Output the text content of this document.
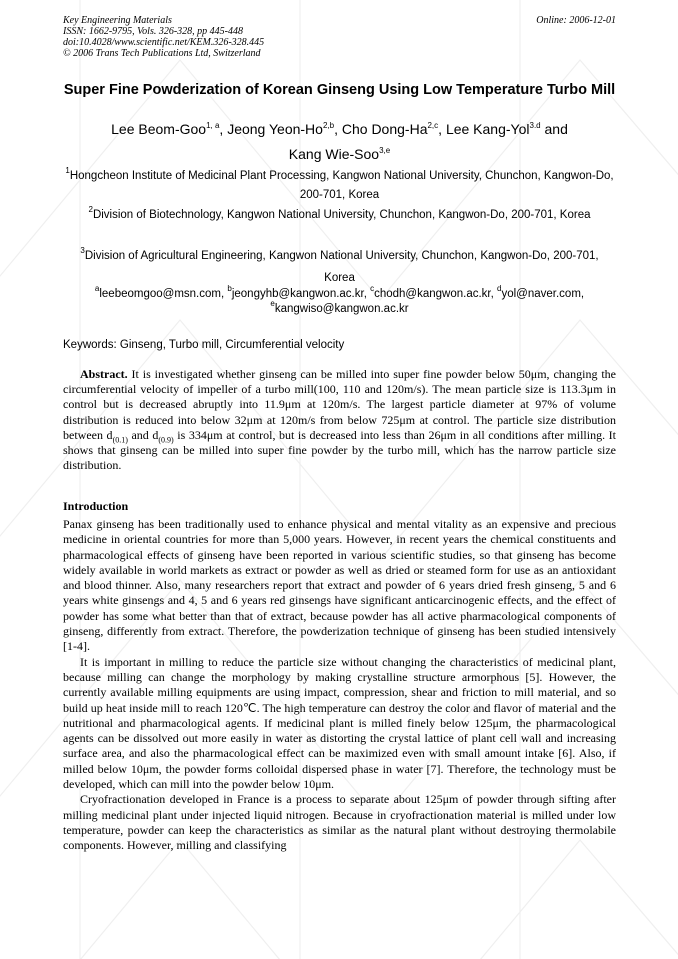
Key Engineering Materials
ISSN: 1662-9795, Vols. 326-328, pp 445-448
doi:10.4028/www.scientific.net/KEM.326-328.445
© 2006 Trans Tech Publications Ltd, Switzerland
Online: 2006-12-01
Super Fine Powderization of Korean Ginseng Using Low Temperature Turbo Mill
Lee Beom-Goo$^{1, a}$, Jeong Yeon-Ho$^{2,b}$, Cho Dong-Ha$^{2,c}$, Lee Kang-Yol$^{3.d}$ and
Kang Wie-Soo$^{3,e}$
$^1$Hongcheon Institute of Medicinal Plant Processing, Kangwon National University, Chunchon, Kangwon-Do, 200-701, Korea
$^2$Division of Biotechnology, Kangwon National University, Chunchon, Kangwon-Do, 200-701, Korea
$^3$Division of Agricultural Engineering, Kangwon National University, Chunchon, Kangwon-Do, 200-701, Korea
$^a$leebeomgoo@msn.com, $^b$jeongyhb@kangwon.ac.kr, $^c$chodh@kangwon.ac.kr, $^d$yol@naver.com,
$^e$kangwiso@kangwon.ac.kr
Keywords: Ginseng, Turbo mill, Circumferential velocity
Abstract. It is investigated whether ginseng can be milled into super fine powder below 50μm, changing the circumferential velocity of impeller of a turbo mill(100, 110 and 120m/s). The mean particle size is 113.3μm in control but is decreased abruptly into 11.9μm at 120m/s. The largest particle diameter at 97% of volume distribution is reduced into below 32μm at 120m/s from below 725μm at control. The particle size distribution between $d_{(0.1)}$ and $d_{(0.9)}$ is 334μm at control, but is decreased into less than 26μm in all conditions after milling. It shows that ginseng can be milled into super fine powder by the turbo mill, which has the narrow particle size distribution.
Introduction

Panax ginseng has been traditionally used to enhance physical and mental vitality as an expensive and precious medicine in oriental countries for more than 5,000 years. However, in recent years the chemical constituents and pharmacological effects of ginseng have been reported in various scientific studies, so that ginseng has become widely available in world markets as extract or powder as well as dried or steamed form for use as an antioxidant and blood thinner. Also, many researchers report that extract and powder of 6 years dried fresh ginseng, 5 and 6 years white ginsengs and 4, 5 and 6 years red ginsengs have significant anticarcinogenic effects, and the effect of powder has some what better than that of extract, because powder has all active pharmacological components of ginseng, differently from extract. Therefore, the powderization technique of ginseng has been studied intensively [1-4].

It is important in milling to reduce the particle size without changing the characteristics of medicinal plant, because milling can change the morphology by making crystalline structure armorphous [5]. However, the currently available milling equipments are using impact, compression, shear and friction to mill material, and so build up heat inside mill to reach 120℃. The high temperature can destroy the color and flavor of material and the nutritional and pharmacological agents. If medicinal plant is milled finely below 125μm, the pharmacological agents can be dissolved out more easily in water as distorting the crystal lattice of plant cell wall and increasing surface area, and also the pharmacological effect can be maximized even with small amount intake [6]. Also, if milled below 10μm, the powder forms colloidal dispersed phase in water [7]. Therefore, the technology must be developed, which can mill into the powder below 10μm.

Cryofractionation developed in France is a process to separate about 125μm of powder through sifting after milling medicinal plant under injected liquid nitrogen. Because in cryofractionation material is milled under low temperature, powder can keep the characteristics as similar as the natural plant without destroying thermolabile components. However, milling and classifying
